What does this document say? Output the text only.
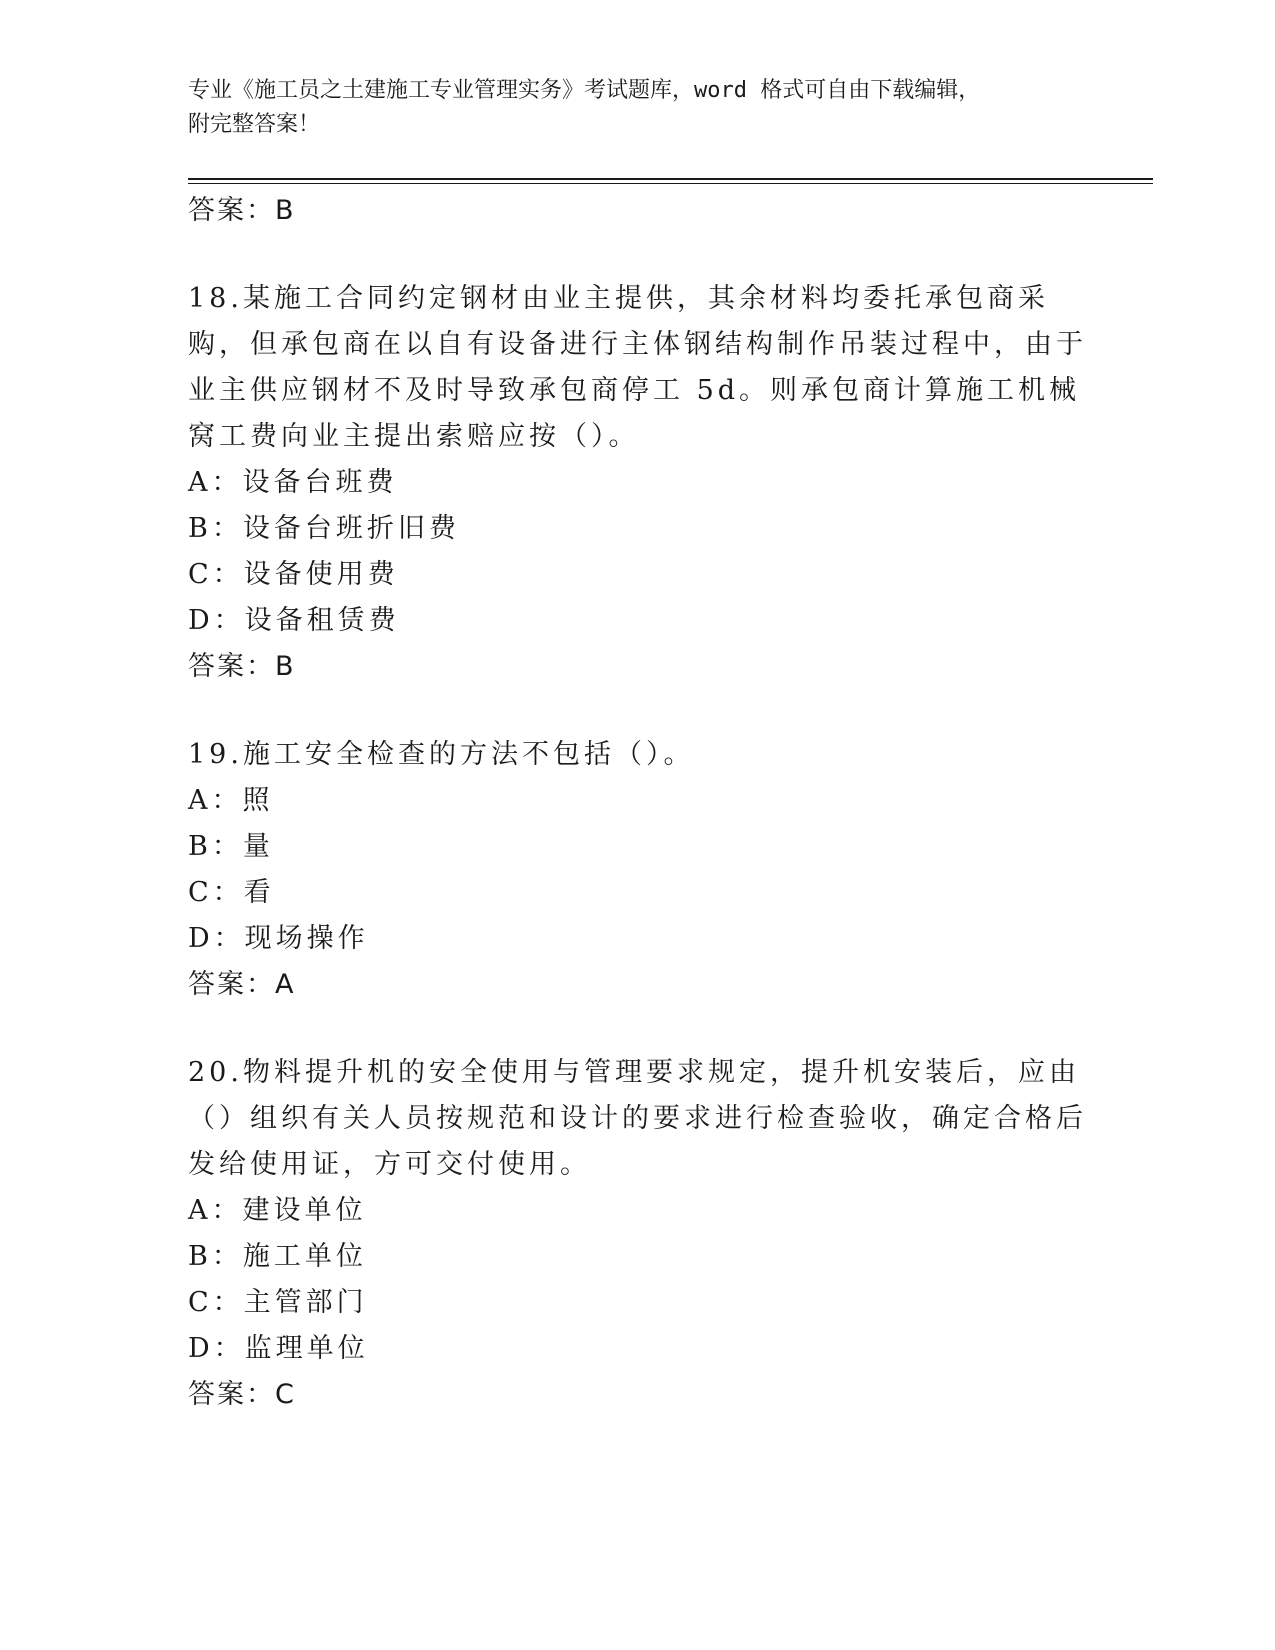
专业《施工员之土建施工专业管理实务》考试题库，word 格式可自由下载编辑，
附完整答案！
答案：B
18.某施工合同约定钢材由业主提供，其余材料均委托承包商采购，但承包商在以自有设备进行主体钢结构制作吊装过程中，由于业主供应钢材不及时导致承包商停工 5d。则承包商计算施工机械窝工费向业主提出索赔应按（）。
A：设备台班费
B：设备台班折旧费
C：设备使用费
D：设备租赁费
答案：B
19.施工安全检查的方法不包括（）。
A：照
B：量
C：看
D：现场操作
答案：A
20.物料提升机的安全使用与管理要求规定，提升机安装后，应由（）组织有关人员按规范和设计的要求进行检查验收，确定合格后发给使用证，方可交付使用。
A：建设单位
B：施工单位
C：主管部门
D：监理单位
答案：C
